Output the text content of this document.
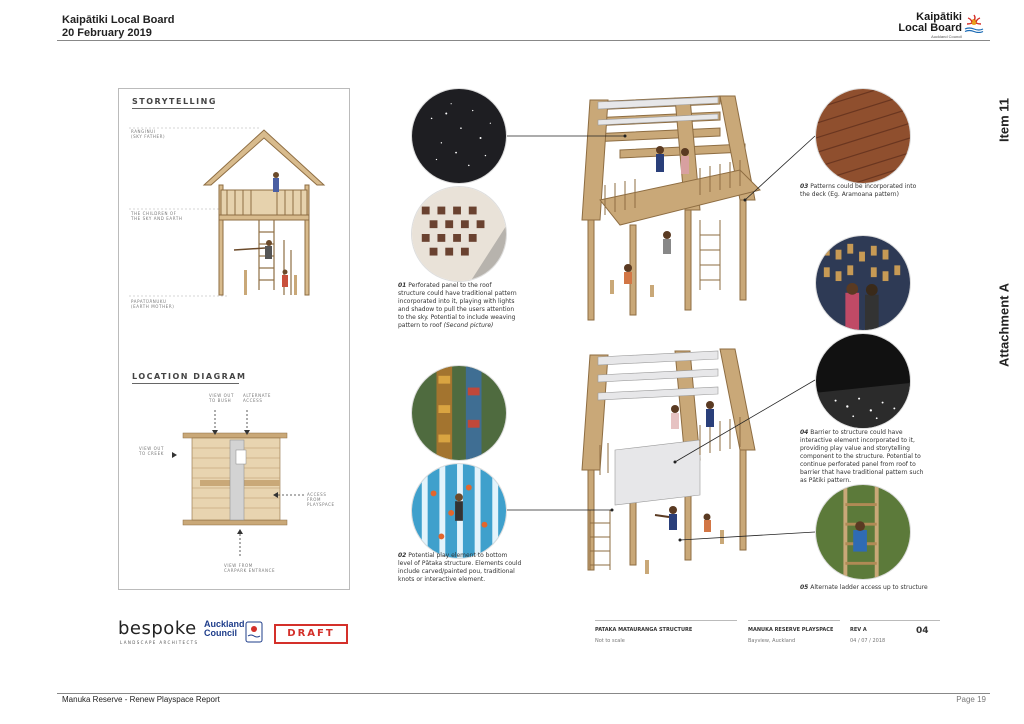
Kaipātiki Local Board
20 February 2019
Kaipātiki
Local Board
Auckland Council
Item 11
Attachment A
STORYTELLING
RANGINUI
(SKY FATHER)
THE CHILDREN OF
THE SKY AND EARTH
PAPATŪĀNUKU
(EARTH MOTHER)
LOCATION DIAGRAM
VIEW OUT
TO BUSH
ALTERNATE
ACCESS
VIEW OUT
TO CREEK
ACCESS
FROM
PLAYSPACE
VIEW FROM
CARPARK ENTRANCE
01 Perforated panel to the roof
structure could have traditional pattern
incorporated into it, playing with lights
and shadow to pull the users attention
to the sky. Potential to include weaving
pattern to roof (Second picture)
02 Potential play element to bottom
level of Pātaka structure. Elements could
include carved/painted pou, traditional
knots or interactive element.
03 Patterns could be incorporated into
the deck (Eg. Aramoana pattern)
04 Barrier to structure could have
interactive element incorporated to it,
providing play value and storytelling
component to the structure. Potential to
continue perforated panel from roof to
barrier that have traditional pattern such
as Pātiki pattern.
05 Alternate ladder access up to structure
bespoke
LANDSCAPE ARCHITECTS
Auckland
Council	DRAFT	PATAKA MATAURANGA STRUCTURE
Not to scale
MANUKA RESERVE PLAYSPACE
Bayview, Auckland
REV A
04 / 07 / 2018
04
Manuka Reserve - Renew Playspace Report	Page 19
